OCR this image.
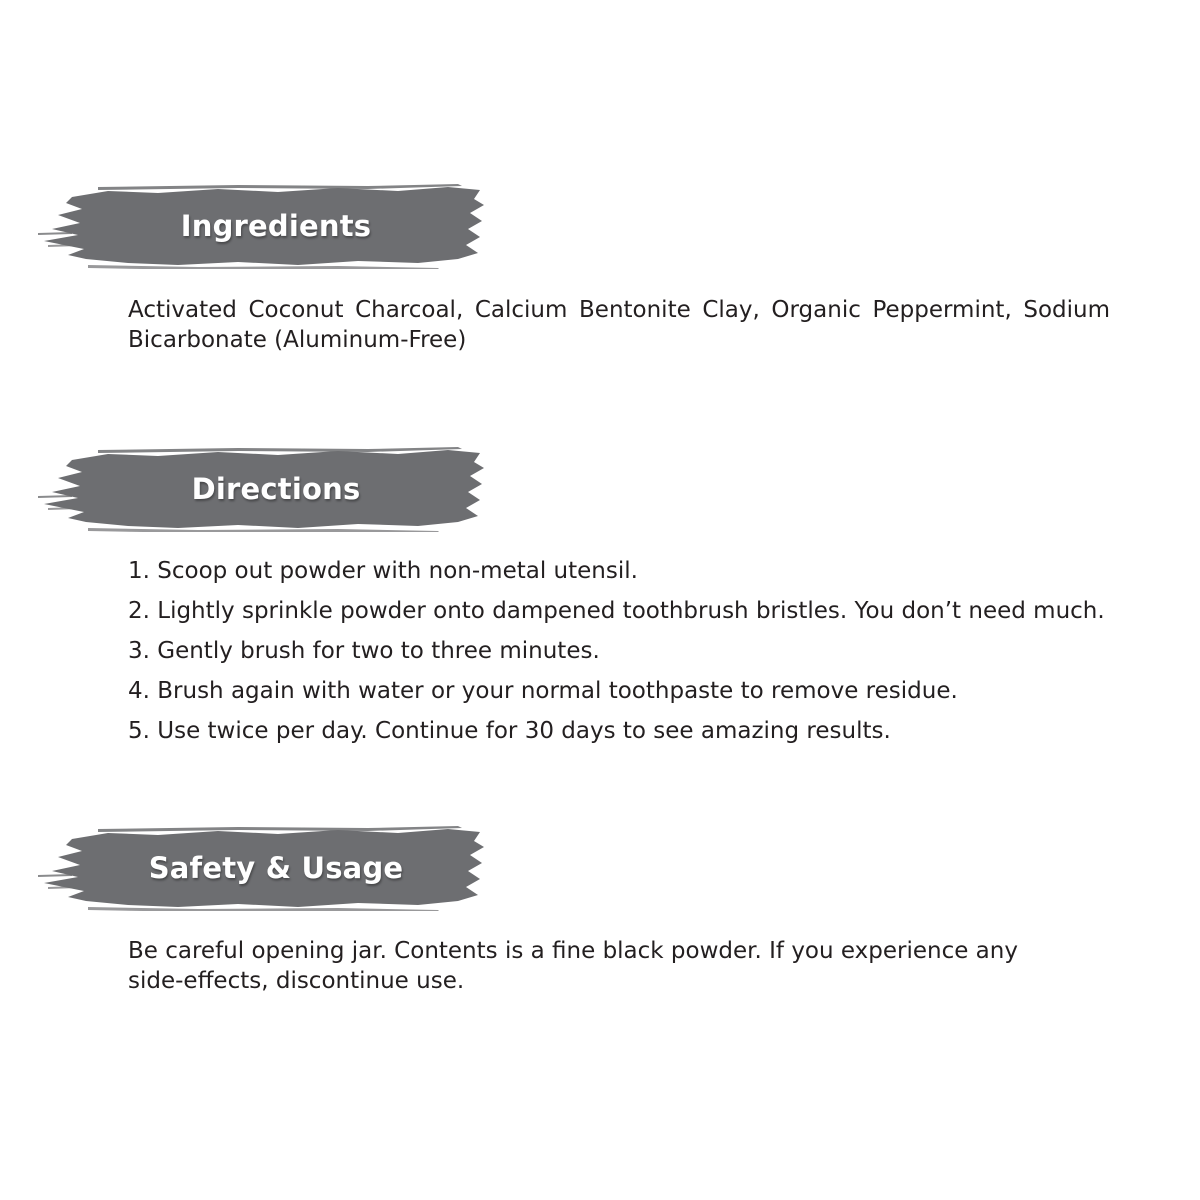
Ingredients
Activated Coconut Charcoal, Calcium Bentonite Clay, Organic Peppermint, Sodium Bicarbonate (Aluminum-Free)
Directions
1. Scoop out powder with non-metal utensil.
2. Lightly sprinkle powder onto dampened toothbrush bristles. You don’t need much.
3. Gently brush for two to three minutes.
4. Brush again with water or your normal toothpaste to remove residue.
5. Use twice per day. Continue for 30 days to see amazing results.
Safety & Usage
Be careful opening jar. Contents is a fine black powder. If you experience any side-effects, discontinue use.
